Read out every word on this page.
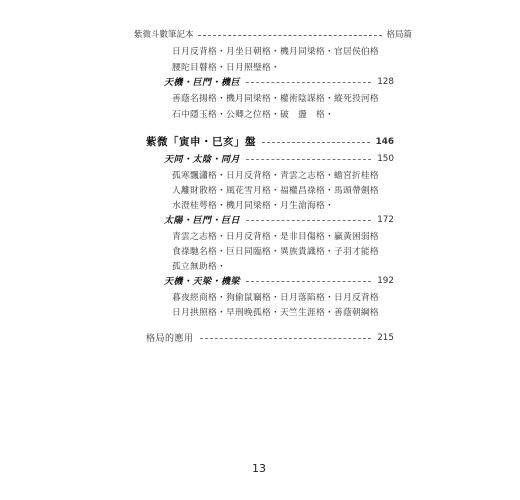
紫微斗數筆記本	格局篇
日月反背格・月坐日朝格・機月同梁格・官居侯伯格
腰陀目瞽格・日月照璧格・
天機・巨門・機巨	128
善蔭名揚格・機月同梁格・權術陰謀格・縱死投河格
石中隱玉格・公卿之位格・破　盪　格・
紫微「寅申・巳亥」盤	146
天同・太陰・同月	150
孤寒飄瀟格・日月反背格・青雲之志格・蟾宮折桂格
人離財散格・風花雪月格・福權昌祿格・馬頭帶劍格
水澄桂萼格・機月同梁格・月生滄海格・
太陽・巨門・巨日	172
青雲之志格・日月反背格・是非目傷格・贏黃困弱格
食祿馳名格・巨日同臨格・異族貴識格・子羽才能格
孤立無助格・
天機・天梁・機梁	192
暮夜經商格・狗偷鼠竊格・日月落陷格・日月反背格
日月拱照格・早刑晚孤格・天竺生涯格・善蔭朝綱格
格局的應用	215
13
